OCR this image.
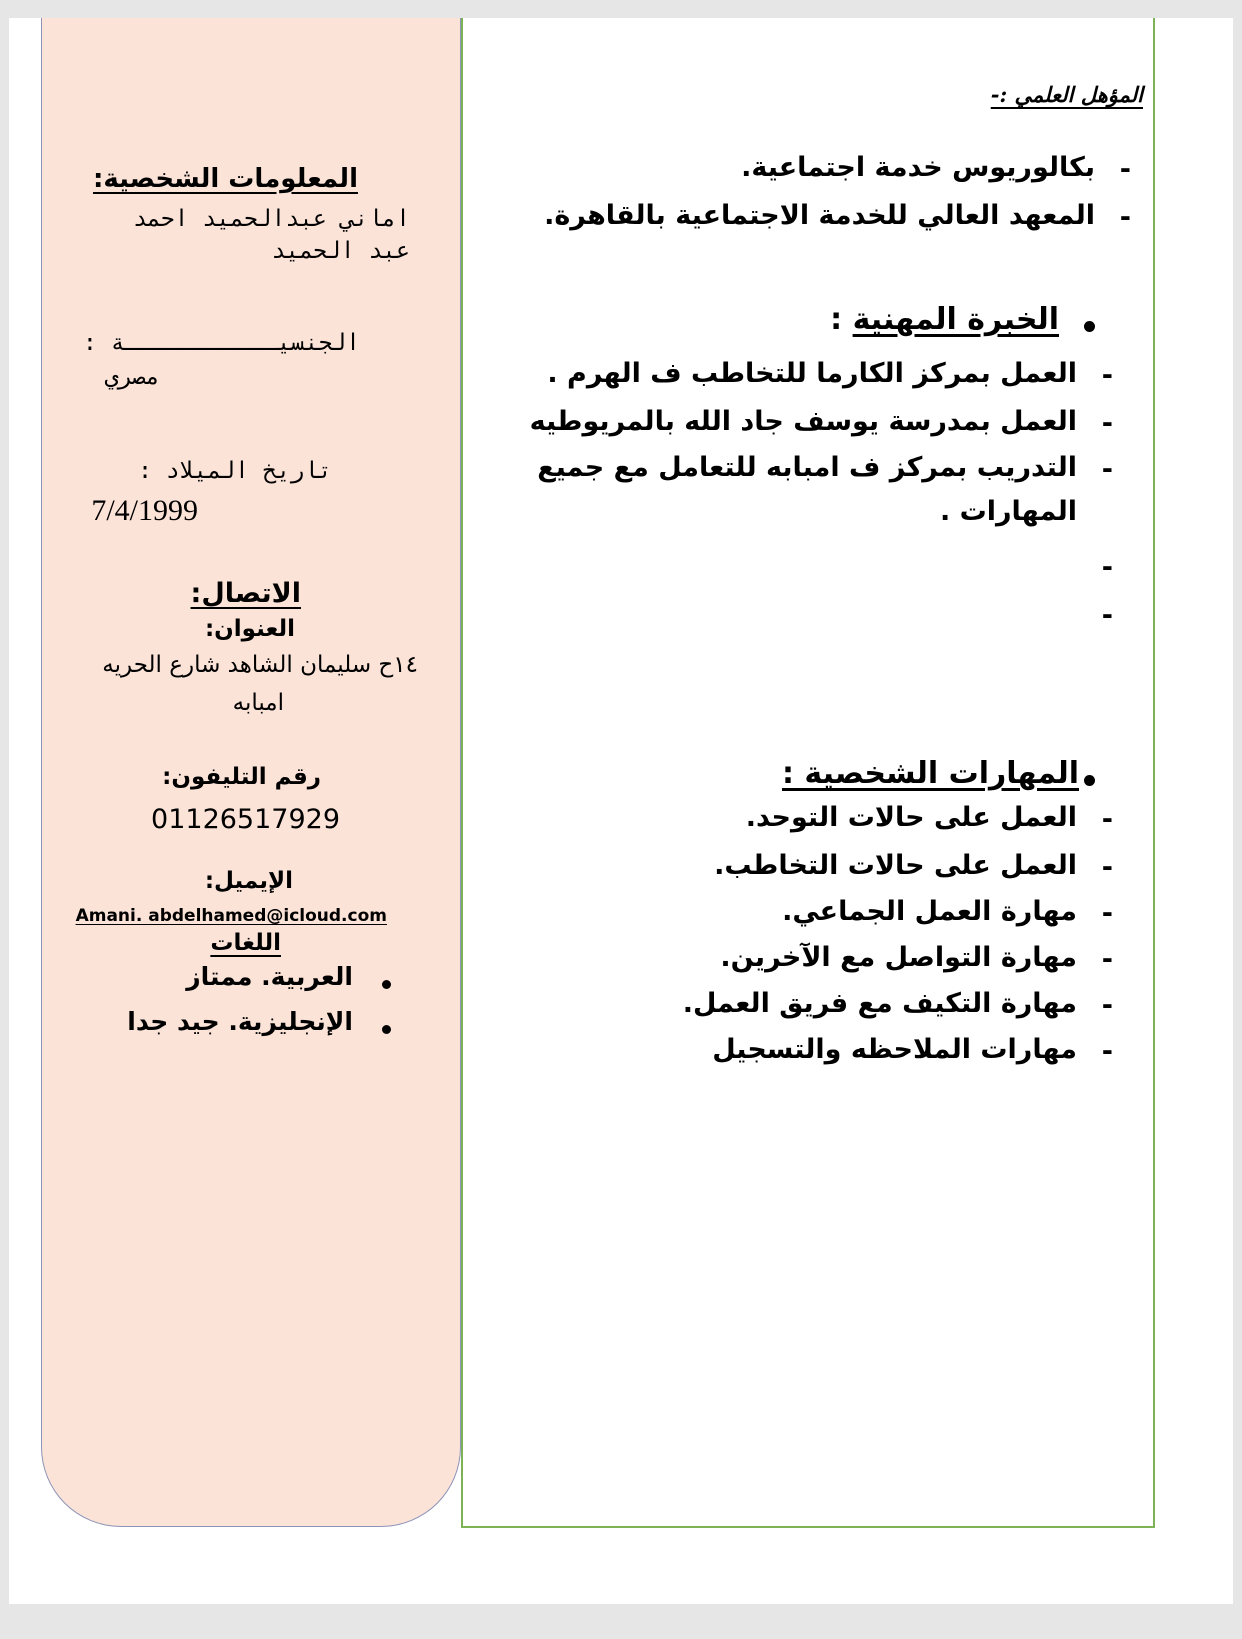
المعلومات الشخصية:
اماني عبدالحميد احمد
عبد الحميد
الجنسيـــــــــــة :
مصري
تاريخ الميلاد :
7/4/1999
الاتصال:
العنوان:
١٤ح سليمان الشاهد شارع الحريه
امبابه
رقم التليفون:
01126517929
الإيميل:
Amani. abdelhamed@icloud.com
اللغات
العربية. ممتاز
الإنجليزية. جيد جدا
المؤهل العلمي :-
-
بكالوريوس خدمة اجتماعية.
-
المعهد العالي للخدمة الاجتماعية بالقاهرة.
الخبرة المهنية :
-
العمل بمركز الكارما للتخاطب ف الهرم .
-
العمل بمدرسة يوسف جاد الله بالمريوطيه
-
التدريب بمركز ف امبابه للتعامل مع جميع
المهارات .
-
-
المهارات الشخصية :
-
العمل على حالات التوحد.
-
العمل على حالات التخاطب.
-
مهارة العمل الجماعي.
-
مهارة التواصل مع الآخرين.
-
مهارة التكيف مع فريق العمل.
-
مهارات الملاحظه والتسجيل
